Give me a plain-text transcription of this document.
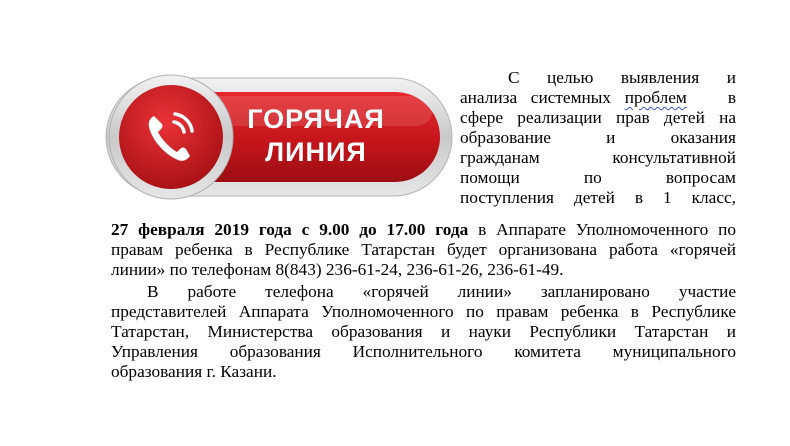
ГОРЯЧАЯ
ЛИНИЯ

С целью выявления и
анализа системных проблем в
сфере реализации прав детей на
образование и оказания
гражданам консультативной
помощи по вопросам
поступления детей в 1 класс,

27 февраля 2019 года с 9.00 до 17.00 года в Аппарате Уполномоченного по
правам ребенка в Республике Татарстан будет организована работа «горячей
линии» по телефонам 8(843) 236-61-24, 236-61-26, 236-61-49.

В работе телефона «горячей линии» запланировано участие
представителей Аппарата Уполномоченного по правам ребенка в Республике
Татарстан, Министерства образования и науки Республики Татарстан и
Управления образования Исполнительного комитета муниципального
образования г. Казани.
